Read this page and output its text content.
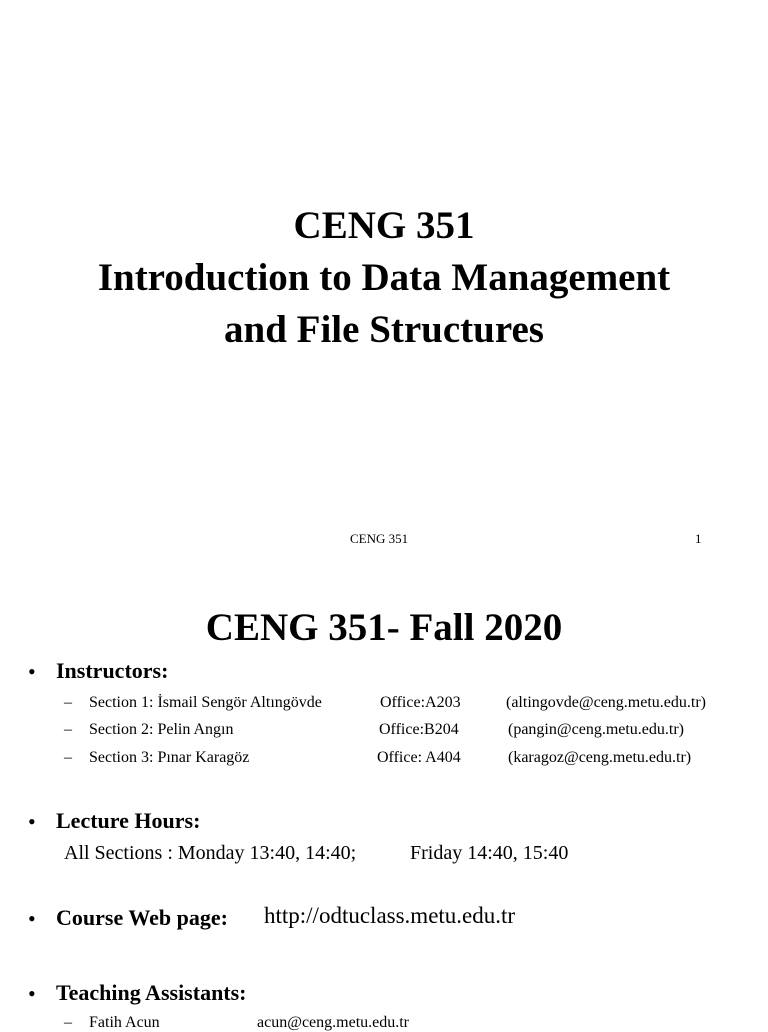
CENG 351
Introduction to Data Management
and File Structures
CENG 351	1
CENG 351- Fall 2020
• Instructors:
– Section 1: İsmail Sengör Altıngövde	Office:A203	(altingovde@ceng.metu.edu.tr)
– Section 2: Pelin Angın	Office:B204	(pangin@ceng.metu.edu.tr)
– Section 3: Pınar Karagöz	Office: A404	(karagoz@ceng.metu.edu.tr)
• Lecture Hours:
All Sections : Monday 13:40, 14:40;	Friday 14:40, 15:40
• Course Web page: http://odtuclass.metu.edu.tr
• Teaching Assistants:
– Fatih Acun	acun@ceng.metu.edu.tr
